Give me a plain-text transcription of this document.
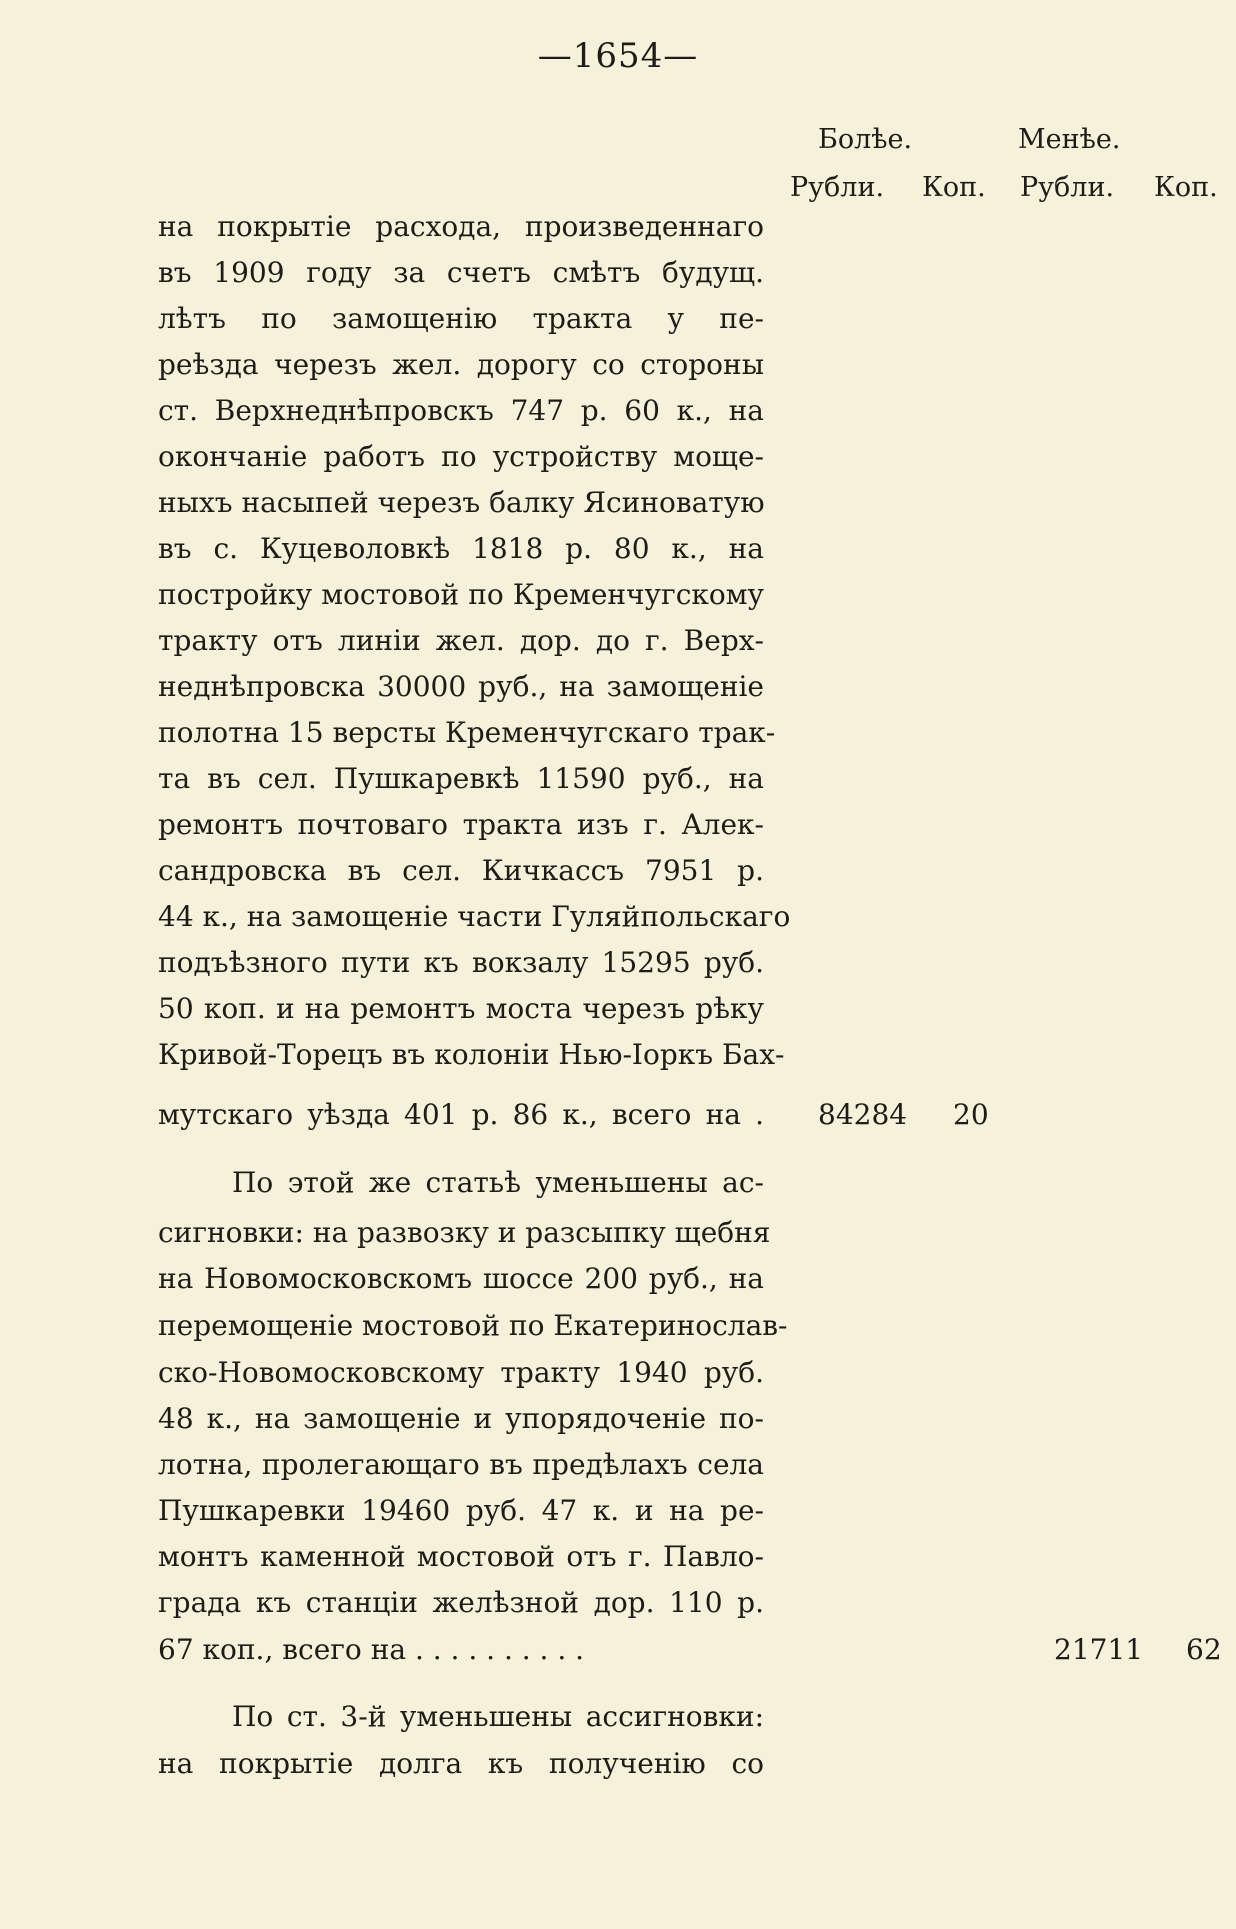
—1654—
Болѣе.	Менѣе.
Рубли. Коп. Рубли. Коп.
на покрытіе расхода, произведеннаго
въ 1909 году за счетъ смѣтъ будущ.
лѣтъ по замощенію тракта у пе-
реѣзда черезъ жел. дорогу со стороны
ст. Верхнеднѣпровскъ 747 р. 60 к., на
окончаніе работъ по устройству моще-
ныхъ насыпей черезъ балку Ясиноватую
въ с. Куцеволовкѣ 1818 р. 80 к., на
постройку мостовой по Кременчугскому
тракту отъ линіи жел. дор. до г. Верх-
неднѣпровска 30000 руб., на замощеніе
полотна 15 версты Кременчугскаго трак-
та въ сел. Пушкаревкѣ 11590 руб., на
ремонтъ почтоваго тракта изъ г. Алек-
сандровска въ сел. Кичкассъ 7951 р.
44 к., на замощеніе части Гуляйпольскаго
подъѣзного пути къ вокзалу 15295 руб.
50 коп. и на ремонтъ моста черезъ рѣку
Кривой-Торецъ въ колоніи Нью-Іоркъ Бах-
мутскаго уѣзда 401 р. 86 к., всего на . 84284 20
По этой же статьѣ уменьшены ас-
сигновки: на развозку и разсыпку щебня
на Новомосковскомъ шоссе 200 руб., на
перемощеніе мостовой по Екатеринослав-
ско-Новомосковскому тракту 1940 руб.
48 к., на замощеніе и упорядоченіе по-
лотна, пролегающаго въ предѣлахъ села
Пушкаревки 19460 руб. 47 к. и на ре-
монтъ каменной мостовой отъ г. Павло-
града къ станціи желѣзной дор. 110 р.
67 коп., всего на . . . . . . . . . .	21711 62
По ст. 3-й уменьшены ассигновки:
на покрытіе долга къ полученію со
